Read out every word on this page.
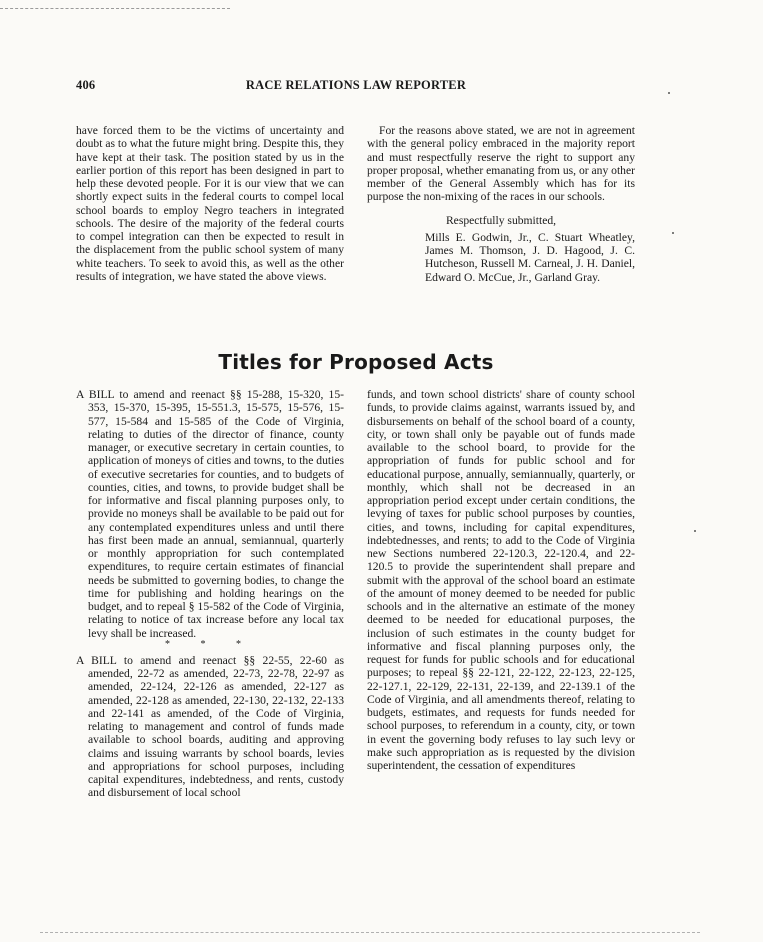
406	RACE RELATIONS LAW REPORTER

have forced them to be the victims of uncertainty and doubt as to what the future might bring. Despite this, they have kept at their task. The position stated by us in the earlier portion of this report has been designed in part to help these devoted people. For it is our view that we can shortly expect suits in the federal courts to compel local school boards to employ Negro teachers in integrated schools. The desire of the majority of the federal courts to compel integration can then be expected to result in the displacement from the public school system of many white teachers. To seek to avoid this, as well as the other results of integration, we have stated the above views.

For the reasons above stated, we are not in agreement with the general policy embraced in the majority report and must respectfully reserve the right to support any proper proposal, whether emanating from us, or any other member of the General Assembly which has for its purpose the non-mixing of the races in our schools.

Respectfully submitted,

Mills E. Godwin, Jr., C. Stuart Wheatley, James M. Thomson, J. D. Hagood, J. C. Hutcheson, Russell M. Carneal, J. H. Daniel, Edward O. McCue, Jr., Garland Gray.

Titles for Proposed Acts

A BILL to amend and reenact §§ 15-288, 15-320, 15-353, 15-370, 15-395, 15-551.3, 15-575, 15-576, 15-577, 15-584 and 15-585 of the Code of Virginia, relating to duties of the director of finance, county manager, or executive secretary in certain counties, to application of moneys of cities and towns, to the duties of executive secretaries for counties, and to budgets of counties, cities, and towns, to provide budget shall be for informative and fiscal planning purposes only, to provide no moneys shall be available to be paid out for any contemplated expenditures unless and until there has first been made an annual, semiannual, quarterly or monthly appropriation for such contemplated expenditures, to require certain estimates of financial needs be submitted to governing bodies, to change the time for publishing and holding hearings on the budget, and to repeal § 15-582 of the Code of Virginia, relating to notice of tax increase before any local tax levy shall be increased.

* * *

A BILL to amend and reenact §§ 22-55, 22-60 as amended, 22-72 as amended, 22-73, 22-78, 22-97 as amended, 22-124, 22-126 as amended, 22-127 as amended, 22-128 as amended, 22-130, 22-132, 22-133 and 22-141 as amended, of the Code of Virginia, relating to management and control of funds made available to school boards, auditing and approving claims and issuing warrants by school boards, levies and appropriations for school purposes, including capital expenditures, indebtedness, and rents, custody and disbursement of local school

funds, and town school districts' share of county school funds, to provide claims against, warrants issued by, and disbursements on behalf of the school board of a county, city, or town shall only be payable out of funds made available to the school board, to provide for the appropriation of funds for public school and for educational purpose, annually, semiannually, quarterly, or monthly, which shall not be decreased in an appropriation period except under certain conditions, the levying of taxes for public school purposes by counties, cities, and towns, including for capital expenditures, indebtednesses, and rents; to add to the Code of Virginia new Sections numbered 22-120.3, 22-120.4, and 22-120.5 to provide the superintendent shall prepare and submit with the approval of the school board an estimate of the amount of money deemed to be needed for public schools and in the alternative an estimate of the money deemed to be needed for educational purposes, the inclusion of such estimates in the county budget for informative and fiscal planning purposes only, the request for funds for public schools and for educational purposes; to repeal §§ 22-121, 22-122, 22-123, 22-125, 22-127.1, 22-129, 22-131, 22-139, and 22-139.1 of the Code of Virginia, and all amendments thereof, relating to budgets, estimates, and requests for funds needed for school purposes, to referendum in a county, city, or town in event the governing body refuses to lay such levy or make such appropriation as is requested by the division superintendent, the cessation of expenditures
